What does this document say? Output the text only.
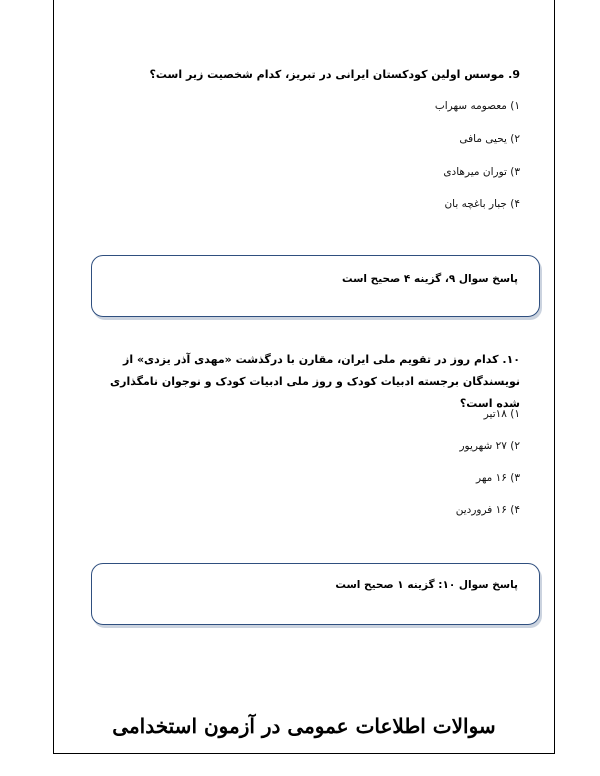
9. موسس اولین کودکستان ایرانی در تبریز، کدام شخصیت زیر است؟
۱) معصومه سهراب
۲) یحیی مافی
۳) توران میرهادی
۴) جبار باغچه بان
پاسخ سوال ۹، گزینه ۴ صحیح است
۱۰. کدام روز در تقویم ملی ایران، مقارن با درگذشت «مهدی آذر یزدی» از نویسندگان برجسته ادبیات کودک و روز ملی ادبیات کودک و نوجوان نامگذاری شده است؟
۱) ۱۸تیر
۲) ۲۷ شهریور
۳) ۱۶ مهر
۴) ۱۶ فروردین
پاسخ سوال ۱۰: گزینه ۱ صحیح است
سوالات اطلاعات عمومی در آزمون استخدامی
